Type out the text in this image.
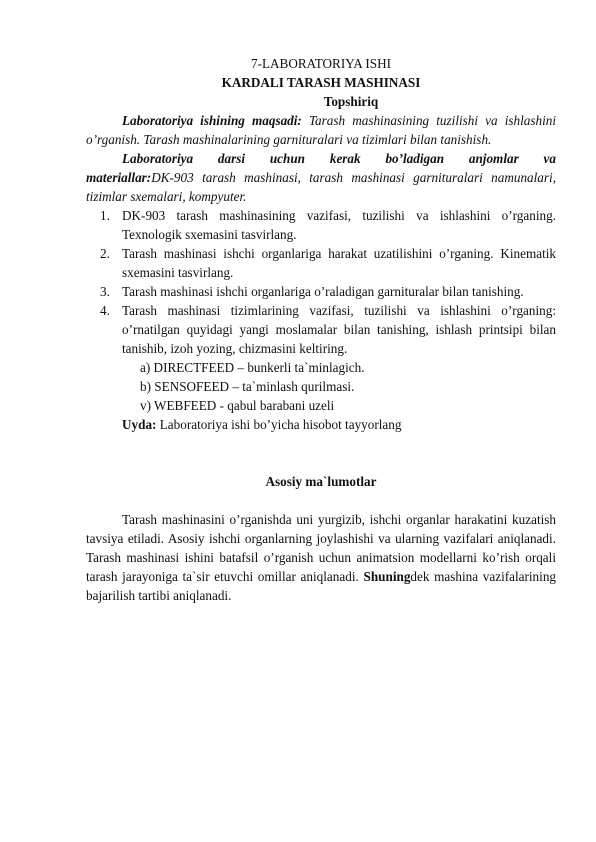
7-LABORATORIYA ISHI
KARDALI TARASH MASHINASI
Topshiriq

Laboratoriya ishining maqsadi: Tarash mashinasining tuzilishi va ishlashini o’rganish. Tarash mashinalarining garnituralari va tizimlari bilan tanishish.

Laboratoriya darsi uchun kerak bo’ladigan anjomlar va

materiallar:DK-903 tarash mashinasi, tarash mashinasi garnituralari namunalari, tizimlar sxemalari, kompyuter.

1. DK-903 tarash mashinasining vazifasi, tuzilishi va ishlashini o’rganing. Texnologik sxemasini tasvirlang.
2. Tarash mashinasi ishchi organlariga harakat uzatilishini o’rganing. Kinematik sxemasini tasvirlang.
3. Tarash mashinasi ishchi organlariga o’raladigan garnituralar bilan tanishing.
4. Tarash mashinasi tizimlarining vazifasi, tuzilishi va ishlashini o’rganing: o’rnatilgan quyidagi yangi moslamalar bilan tanishing, ishlash printsipi bilan tanishib, izoh yozing, chizmasini keltiring.
a) DIRECTFEED – bunkerli ta`minlagich.
b) SENSOFEED – ta`minlash qurilmasi.
v) WEBFEED - qabul barabani uzeli
Uyda: Laboratoriya ishi bo’yicha hisobot tayyorlang
Asosiy ma`lumotlar

Tarash mashinasini o’rganishda uni yurgizib, ishchi organlar harakatini kuzatish tavsiya etiladi. Asosiy ishchi organlarning joylashishi va ularning vazifalari aniqlanadi. Tarash mashinasi ishini batafsil o’rganish uchun animatsion modellarni ko’rish orqali tarash jarayoniga ta`sir etuvchi omillar aniqlanadi. Shuningdek mashina vazifalarining bajarilish tartibi aniqlanadi.
